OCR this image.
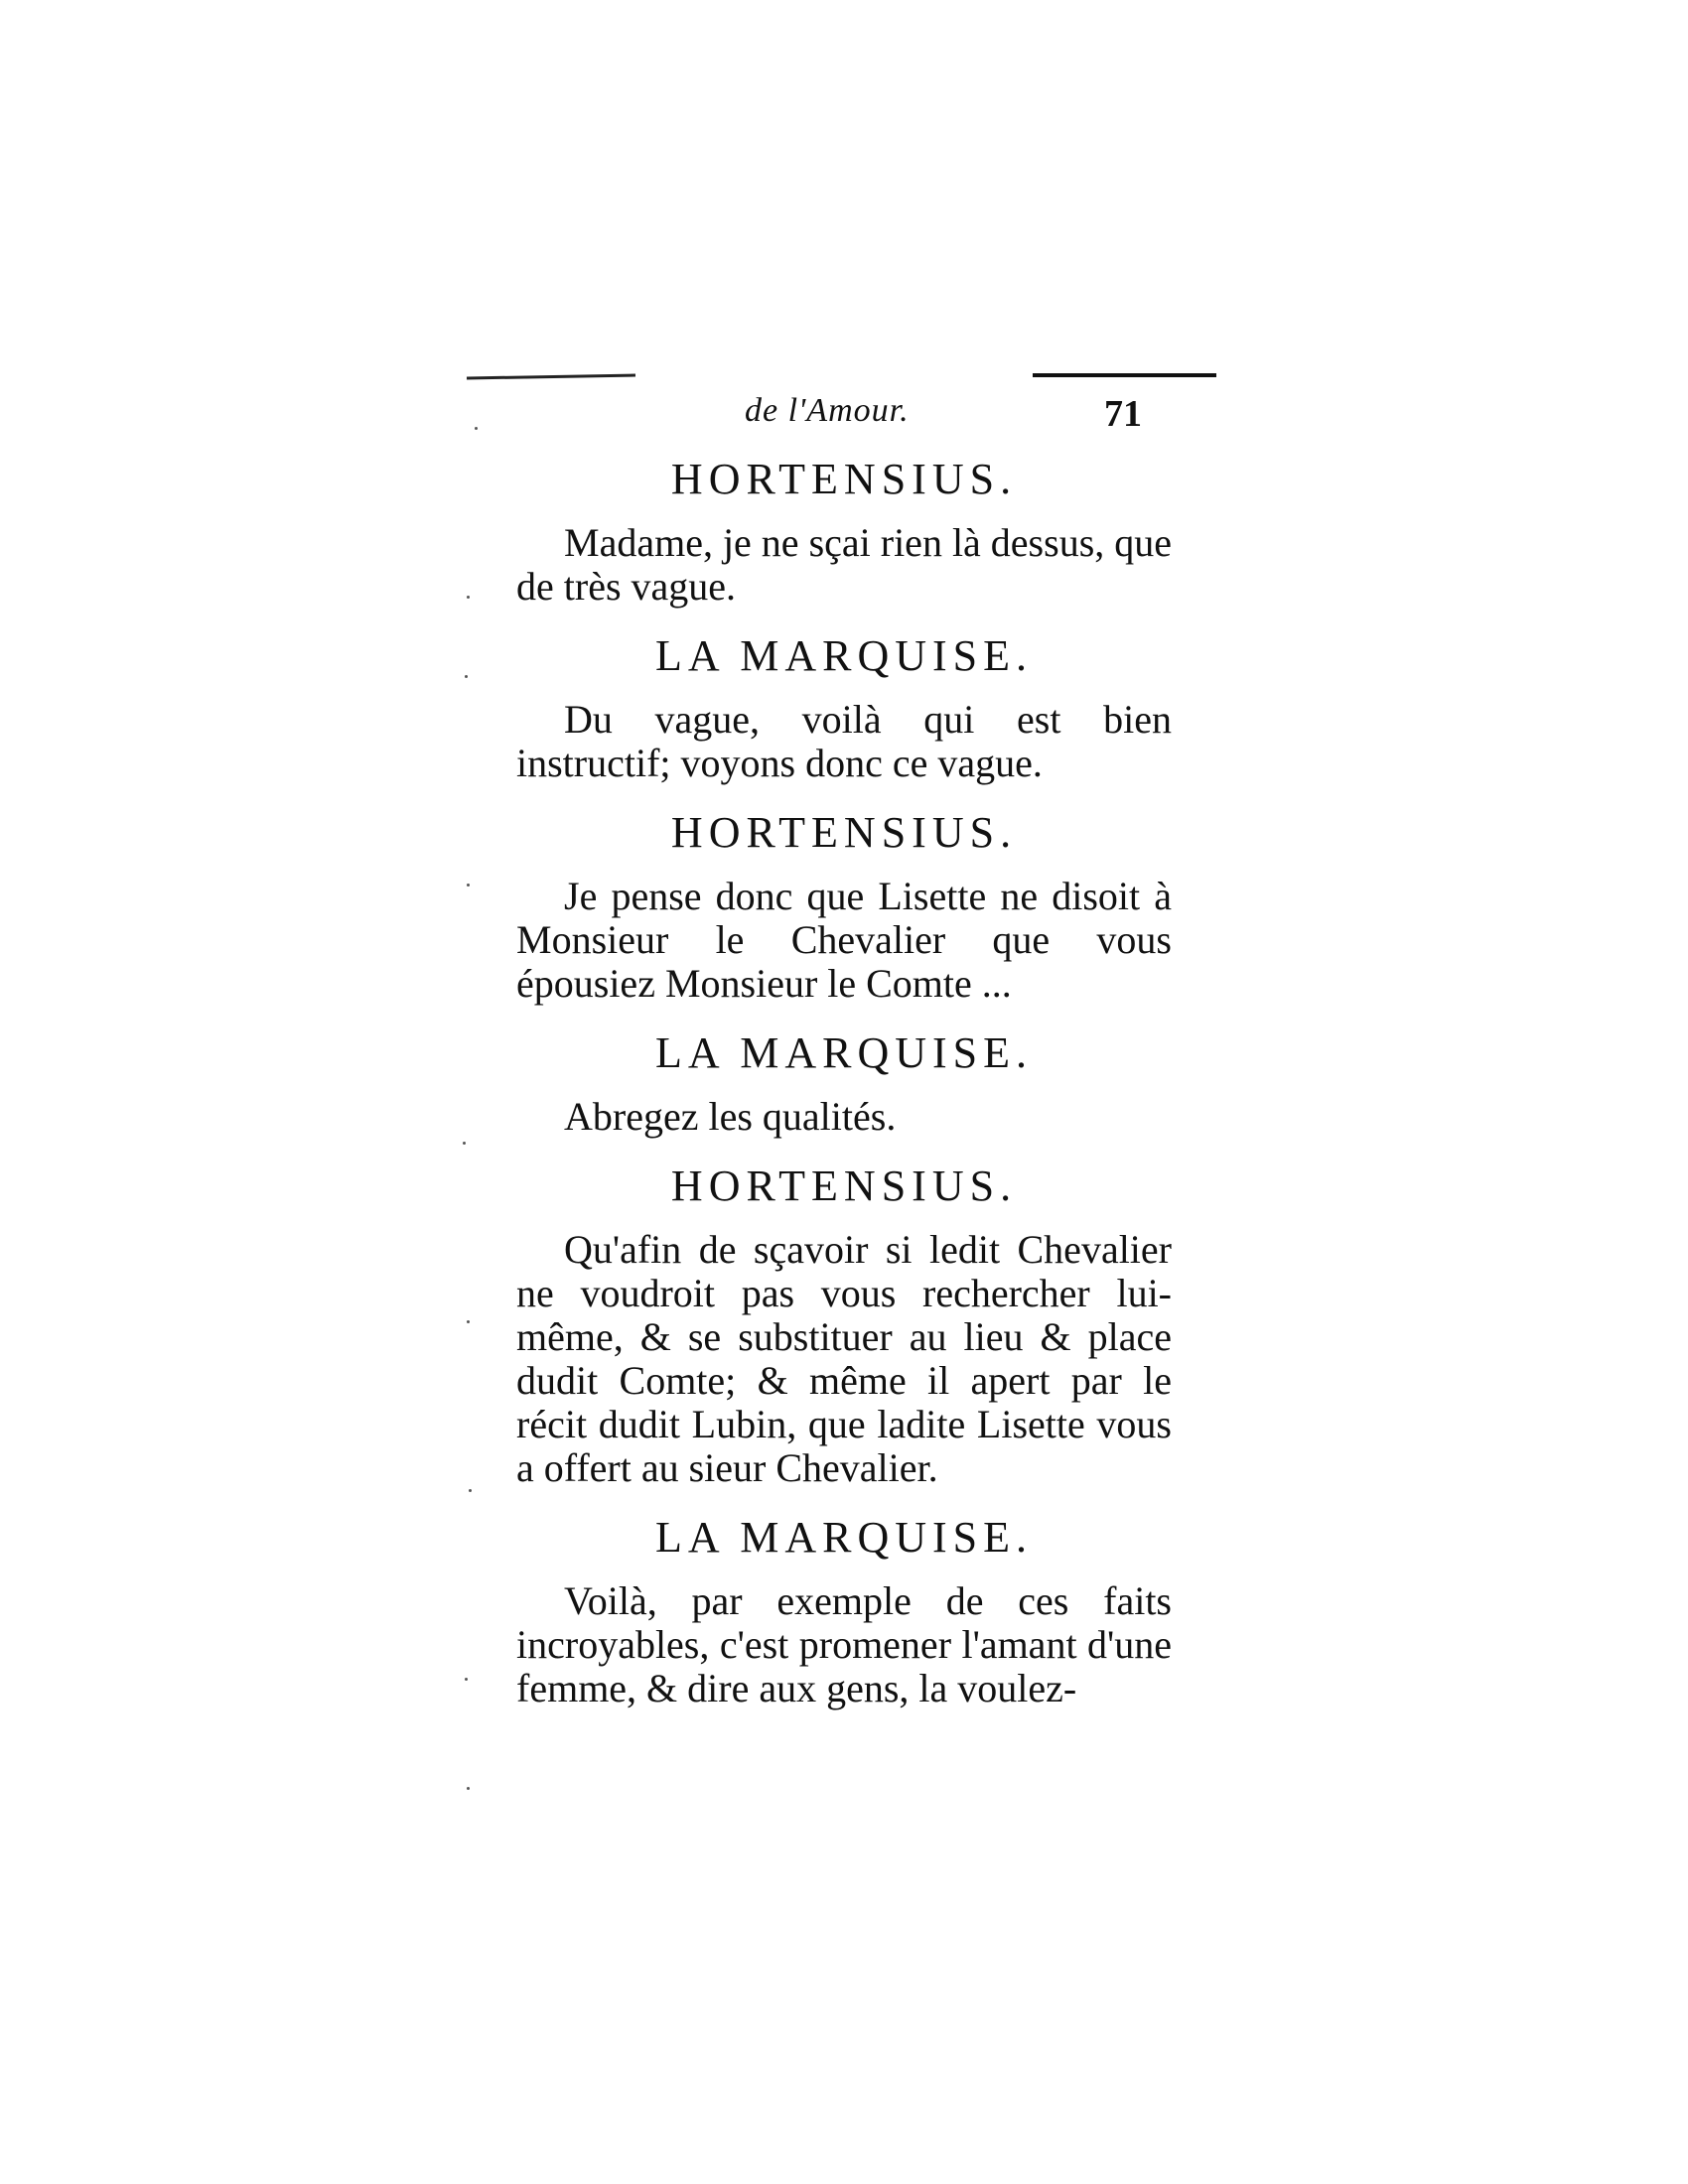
de l'Amour.	71
HORTENSIUS.

Madame, je ne sçai rien là dessus, que de très vague.

LA MARQUISE.

Du vague, voilà qui est bien instructif; voyons donc ce vague.

HORTENSIUS.

Je pense donc que Lisette ne disoit à Monsieur le Chevalier que vous épousiez Monsieur le Comte ...

LA MARQUISE.

Abregez les qualités.

HORTENSIUS.

Qu'afin de sçavoir si ledit Chevalier ne voudroit pas vous rechercher lui-même, & se substituer au lieu & place dudit Comte; & même il apert par le récit dudit Lubin, que ladite Lisette vous a offert au sieur Chevalier.

LA MARQUISE.

Voilà, par exemple de ces faits incroyables, c'est promener l'amant d'une femme, & dire aux gens, la voulez-
